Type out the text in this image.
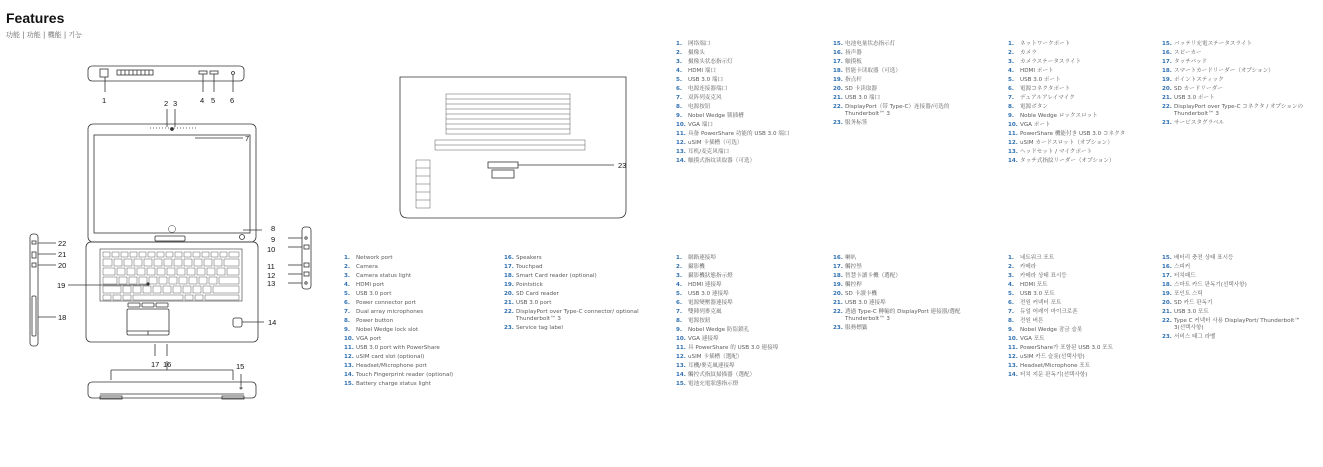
Features
功能 | 功能 | 機能 | 기능
1	2 3	4 5 6
7
8
9
10
11
12
13
14
15
16
17
18
19
20
21
22
23
1.	Network port
2.	Camera
3.	Camera status light
4.	HDMI port
5.	USB 3.0 port
6.	Power connector port
7.	Dual array microphones
8.	Power button
9.	Nobel Wedge lock slot
10. VGA port
11. USB 3.0 port with PowerShare
12. uSIM card slot (optional)
13. Headset/Microphone port
14. Touch Fingerprint reader (optional)
15. Battery charge status light
16. Speakers
17. Touchpad
18. Smart Card reader (optional)
19. Pointstick
20. SD Card reader
21. USB 3.0 port
22. DisplayPort over Type-C connector/ optional Thunderbolt™ 3
23. Service tag label
1.	网络端口
2.	摄像头
3.	摄像头状态指示灯
4.	HDMI 端口
5.	USB 3.0 端口
6.	电源连接器端口
7.	双阵列麦克风
8.	电源按钮
9.	Nobel Wedge 锁插槽
10. VGA 端口
11. 具备 PowerShare 功能的 USB 3.0 端口
12. uSIM 卡插槽（可选）
13. 耳机/麦克风端口
14. 触摸式指纹读取器（可选）
15. 电池电量状态指示灯
16. 扬声器
17. 触摸板
18. 智能卡读取器（可选）
19. 指点杆
20. SD 卡读取器
21. USB 3.0 端口
22. DisplayPort（带 Type-C）连接器/可选的 Thunderbolt™ 3
23. 服务标签
1.	ネットワークポート
2.	カメラ
3.	カメラステータスライト
4.	HDMI ポート
5.	USB 3.0 ポート
6.	電源コネクタポート
7.	デュアルアレイマイク
8.	電源ボタン
9.	Noble Wedge ロックスロット
10. VGA ポート
11. PowerShare 機能付き USB 3.0 コネクタ
12. uSIM カードスロット（オプション）
13. ヘッドセット / マイクポート
14. タッチ式指紋リーダー（オプション）
15. バッテリ充電ステータスライト
16. スピーカー
17. タッチパッド
18. スマートカードリーダー（オプション）
19. ポイントスティック
20. SD カードリーダー
21. USB 3.0 ポート
22. DisplayPort over Type-C コネクタ / オプションの Thunderbolt™ 3
23. サービスタグラベル
1.	網路連接埠
2.	攝影機
3.	攝影機狀態指示燈
4.	HDMI 連接埠
5.	USB 3.0 連接埠
6.	電源變壓器連接埠
7.	雙陣列麥克風
8.	電源按鈕
9.	Nobel Wedge 防盜鎖孔
10. VGA 連接埠
11. 具 PowerShare 的 USB 3.0 連接埠
12. uSIM 卡插槽（選配）
13. 耳機/麥克風連接埠
14. 觸控式指紋掃描器（選配）
15. 電池充電狀態指示燈
16. 喇叭
17. 觸控墊
18. 智慧卡讀卡機（選配）
19. 觸控桿
20. SD 卡讀卡機
21. USB 3.0 連接埠
22. 透過 Type-C 轉輸的 DisplayPort 連接器/選配 Thunderbolt™ 3
23. 服務標籤
1.	네트워크 포트
2.	카메라
3.	카메라 상태 표시등
4.	HDMI 포트
5.	USB 3.0 포트
6.	전원 커넥터 포트
7.	듀얼 어레이 마이크로폰
8.	전원 버튼
9.	Nobel Wedge 잠금 슬롯
10. VGA 포트
11. PowerShare가 포함된 USB 3.0 포트
12. uSIM 카드 슬롯(선택사항)
13. Headset/Microphone 포트
14. 터치 지문 판독기(선택사항)
15. 배터리 충전 상태 표시등
16. 스피커
17. 터치패드
18. 스마트 카드 판독기(선택사항)
19. 포인트 스틱
20. SD 카드 판독기
21. USB 3.0 포트
22. Type C 커넥터 사용 DisplayPort/ Thunderbolt™ 3(선택사항)
23. 서비스 태그 라벨
